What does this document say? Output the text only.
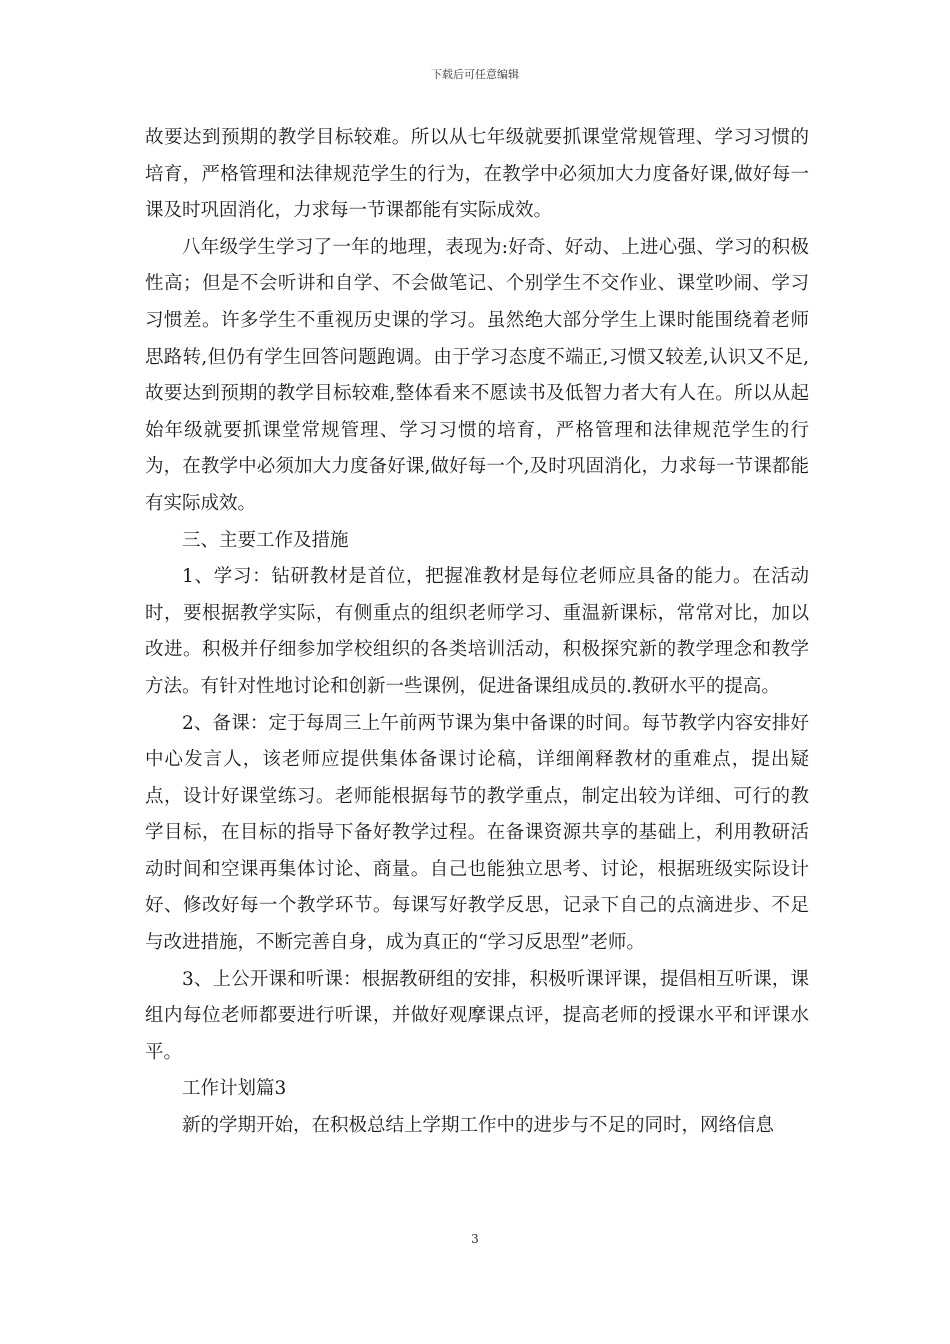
下载后可任意编辑

故要达到预期的教学目标较难。所以从七年级就要抓课堂常规管理、学习习惯的培育，严格管理和法律规范学生的行为，在教学中必须加大力度备好课,做好每一课及时巩固消化，力求每一节课都能有实际成效。

八年级学生学习了一年的地理，表现为:好奇、好动、上进心强、学习的积极性高；但是不会听讲和自学、不会做笔记、个别学生不交作业、课堂吵闹、学习习惯差。许多学生不重视历史课的学习。虽然绝大部分学生上课时能围绕着老师思路转,但仍有学生回答问题跑调。由于学习态度不端正,习惯又较差,认识又不足,故要达到预期的教学目标较难,整体看来不愿读书及低智力者大有人在。所以从起始年级就要抓课堂常规管理、学习习惯的培育，严格管理和法律规范学生的行为，在教学中必须加大力度备好课,做好每一个,及时巩固消化，力求每一节课都能有实际成效。

三、主要工作及措施

1、学习：钻研教材是首位，把握准教材是每位老师应具备的能力。在活动时，要根据教学实际，有侧重点的组织老师学习、重温新课标，常常对比，加以改进。积极并仔细参加学校组织的各类培训活动，积极探究新的教学理念和教学方法。有针对性地讨论和创新一些课例，促进备课组成员的.教研水平的提高。

2、备课：定于每周三上午前两节课为集中备课的时间。每节教学内容安排好中心发言人，该老师应提供集体备课讨论稿，详细阐释教材的重难点，提出疑点，设计好课堂练习。老师能根据每节的教学重点，制定出较为详细、可行的教学目标，在目标的指导下备好教学过程。在备课资源共享的基础上，利用教研活动时间和空课再集体讨论、商量。自己也能独立思考、讨论，根据班级实际设计好、修改好每一个教学环节。每课写好教学反思，记录下自己的点滴进步、不足与改进措施，不断完善自身，成为真正的“学习反思型”老师。

3、上公开课和听课：根据教研组的安排，积极听课评课，提倡相互听课，课组内每位老师都要进行听课，并做好观摩课点评，提高老师的授课水平和评课水平。

工作计划篇3

新的学期开始，在积极总结上学期工作中的进步与不足的同时，网络信息

3
